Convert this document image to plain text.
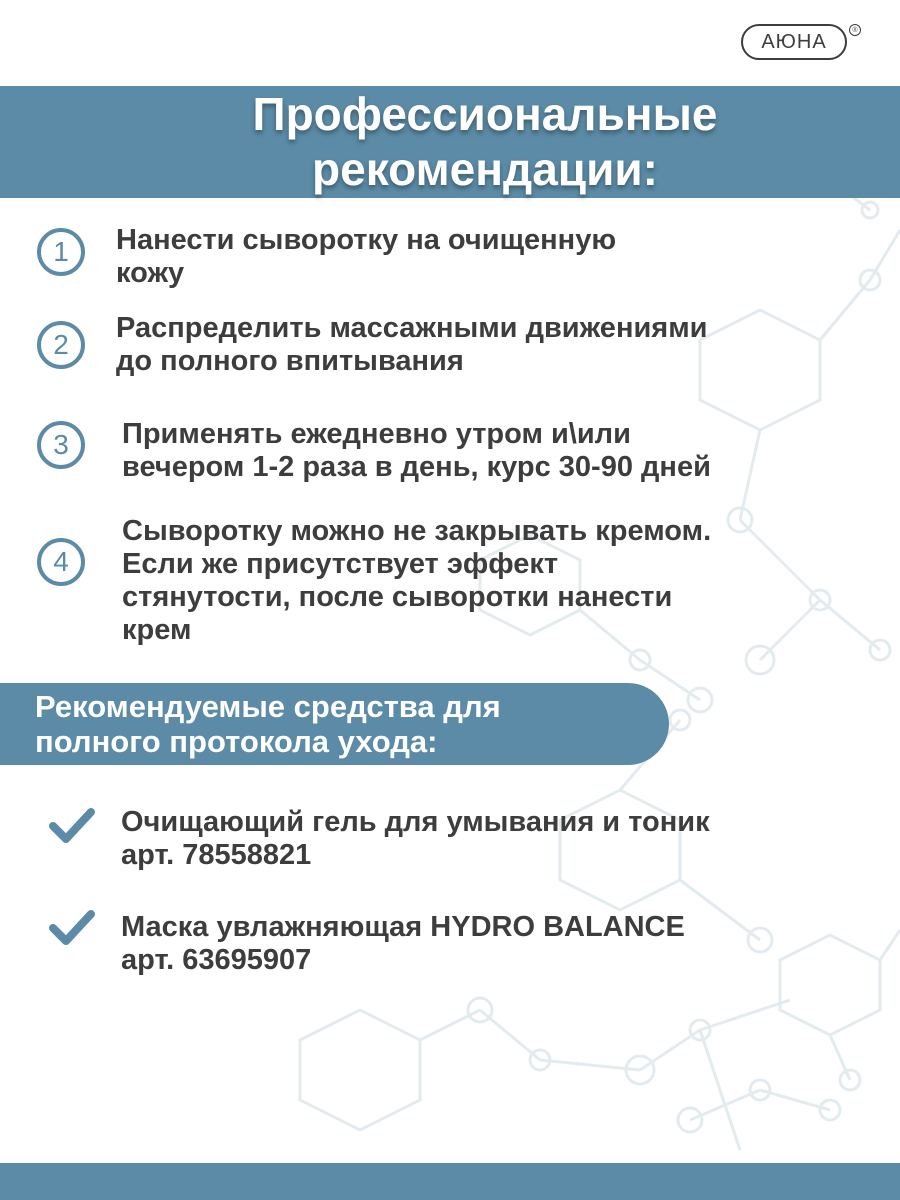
АЮНА
®
Профессиональные
рекомендации:
1	Нанести сыворотку на очищенную
кожу
2
Распределить массажными движениями
до полного впитывания
3	Применять ежедневно утром и\или
вечером 1-2 раза в день, курс 30-90 дней
4
Сыворотку можно не закрывать кремом.
Если же присутствует эффект
стянутости, после сыворотки нанести
крем
Рекомендуемые средства для
полного протокола ухода:
Очищающий гель для умывания и тоник
арт. 78558821
Маска увлажняющая HYDRO BALANCE
арт. 63695907
